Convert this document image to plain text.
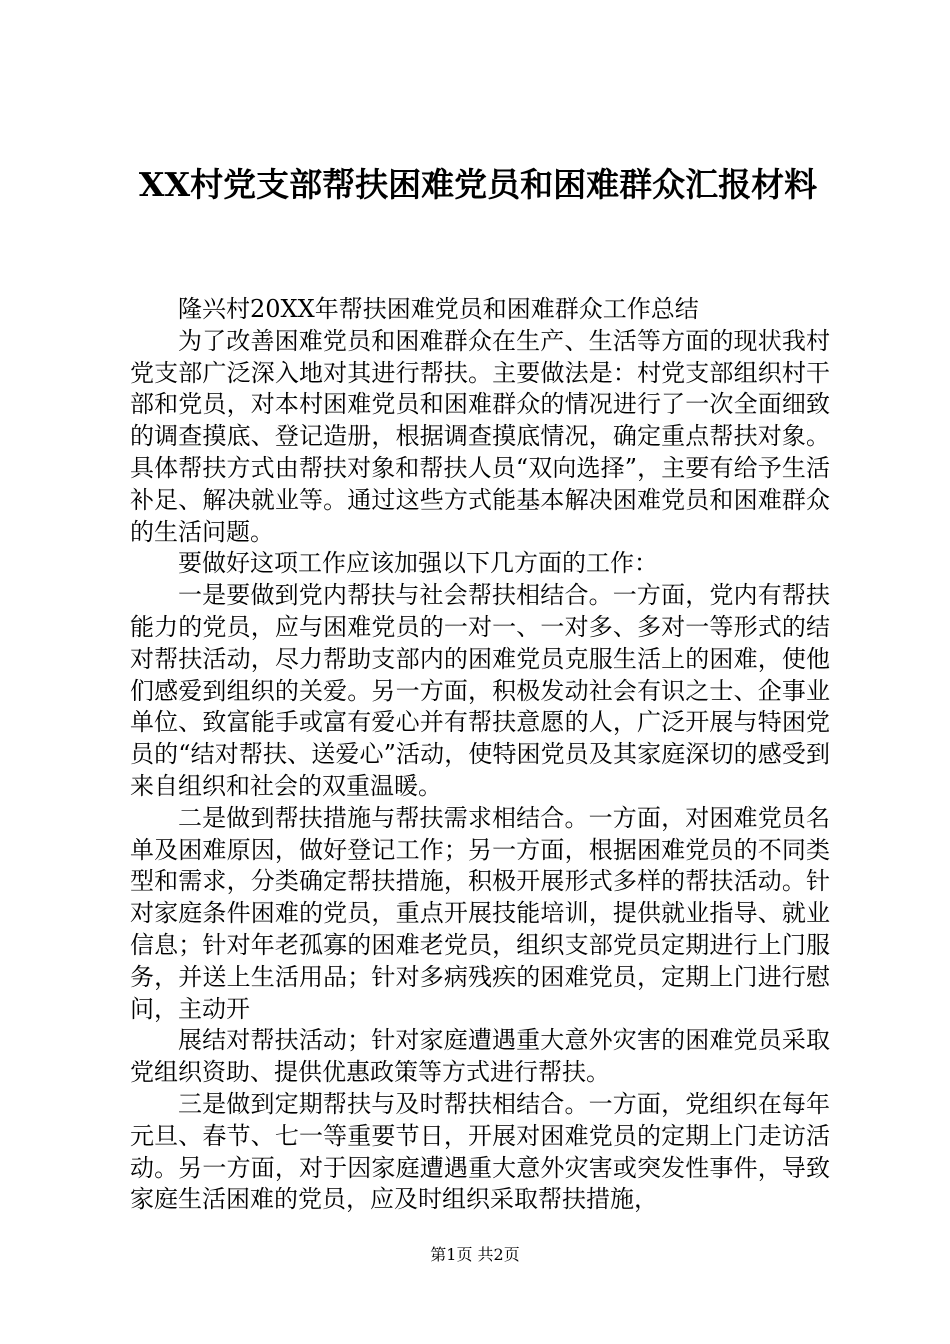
XX村党支部帮扶困难党员和困难群众汇报材料

隆兴村20XX年帮扶困难党员和困难群众工作总结

为了改善困难党员和困难群众在生产、生活等方面的现状我村党支部广泛深入地对其进行帮扶。主要做法是：村党支部组织村干部和党员，对本村困难党员和困难群众的情况进行了一次全面细致的调查摸底、登记造册，根据调查摸底情况，确定重点帮扶对象。具体帮扶方式由帮扶对象和帮扶人员“双向选择”，主要有给予生活补足、解决就业等。通过这些方式能基本解决困难党员和困难群众的生活问题。

要做好这项工作应该加强以下几方面的工作：

一是要做到党内帮扶与社会帮扶相结合。一方面，党内有帮扶能力的党员，应与困难党员的一对一、一对多、多对一等形式的结对帮扶活动，尽力帮助支部内的困难党员克服生活上的困难，使他们感爱到组织的关爱。另一方面，积极发动社会有识之士、企事业单位、致富能手或富有爱心并有帮扶意愿的人，广泛开展与特困党员的“结对帮扶、送爱心”活动，使特困党员及其家庭深切的感受到来自组织和社会的双重温暖。

二是做到帮扶措施与帮扶需求相结合。一方面，对困难党员名单及困难原因，做好登记工作；另一方面，根据困难党员的不同类型和需求，分类确定帮扶措施，积极开展形式多样的帮扶活动。针对家庭条件困难的党员，重点开展技能培训，提供就业指导、就业信息；针对年老孤寡的困难老党员，组织支部党员定期进行上门服务，并送上生活用品；针对多病残疾的困难党员，定期上门进行慰问，主动开

展结对帮扶活动；针对家庭遭遇重大意外灾害的困难党员采取党组织资助、提供优惠政策等方式进行帮扶。

三是做到定期帮扶与及时帮扶相结合。一方面，党组织在每年元旦、春节、七一等重要节日，开展对困难党员的定期上门走访活动。另一方面，对于因家庭遭遇重大意外灾害或突发性事件，导致家庭生活困难的党员，应及时组织采取帮扶措施，

第1页 共2页
